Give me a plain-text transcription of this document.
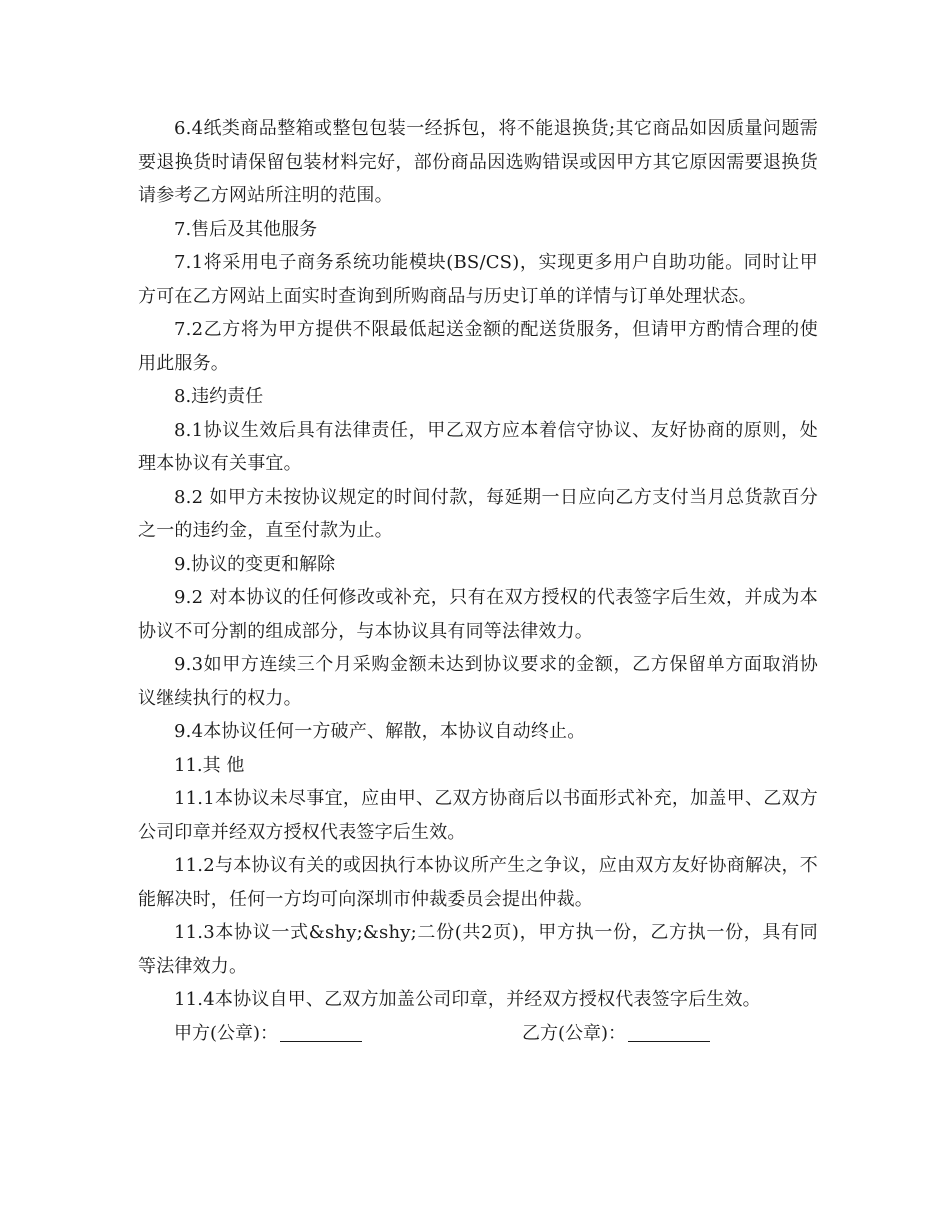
6.4纸类商品整箱或整包包装一经拆包，将不能退换货;其它商品如因质量问题需要退换货时请保留包装材料完好，部份商品因选购错误或因甲方其它原因需要退换货请参考乙方网站所注明的范围。

7.售后及其他服务

7.1将采用电子商务系统功能模块(BS/CS)，实现更多用户自助功能。同时让甲方可在乙方网站上面实时查询到所购商品与历史订单的详情与订单处理状态。

7.2乙方将为甲方提供不限最低起送金额的配送货服务，但请甲方酌情合理的使用此服务。

8.违约责任

8.1协议生效后具有法律责任，甲乙双方应本着信守协议、友好协商的原则，处理本协议有关事宜。

8.2 如甲方未按协议规定的时间付款，每延期一日应向乙方支付当月总货款百分之一的违约金，直至付款为止。

9.协议的变更和解除

9.2 对本协议的任何修改或补充，只有在双方授权的代表签字后生效，并成为本协议不可分割的组成部分，与本协议具有同等法律效力。

9.3如甲方连续三个月采购金额未达到协议要求的金额，乙方保留单方面取消协议继续执行的权力。

9.4本协议任何一方破产、解散，本协议自动终止。

11.其 他

11.1本协议未尽事宜，应由甲、乙双方协商后以书面形式补充，加盖甲、乙双方公司印章并经双方授权代表签字后生效。

11.2与本协议有关的或因执行本协议所产生之争议，应由双方友好协商解决，不能解决时，任何一方均可向深圳市仲裁委员会提出仲裁。

11.3本协议一式&shy;&shy;二份(共2页)，甲方执一份，乙方执一份，具有同等法律效力。

11.4本协议自甲、乙双方加盖公司印章，并经双方授权代表签字后生效。

甲方(公章)：	乙方(公章)：
